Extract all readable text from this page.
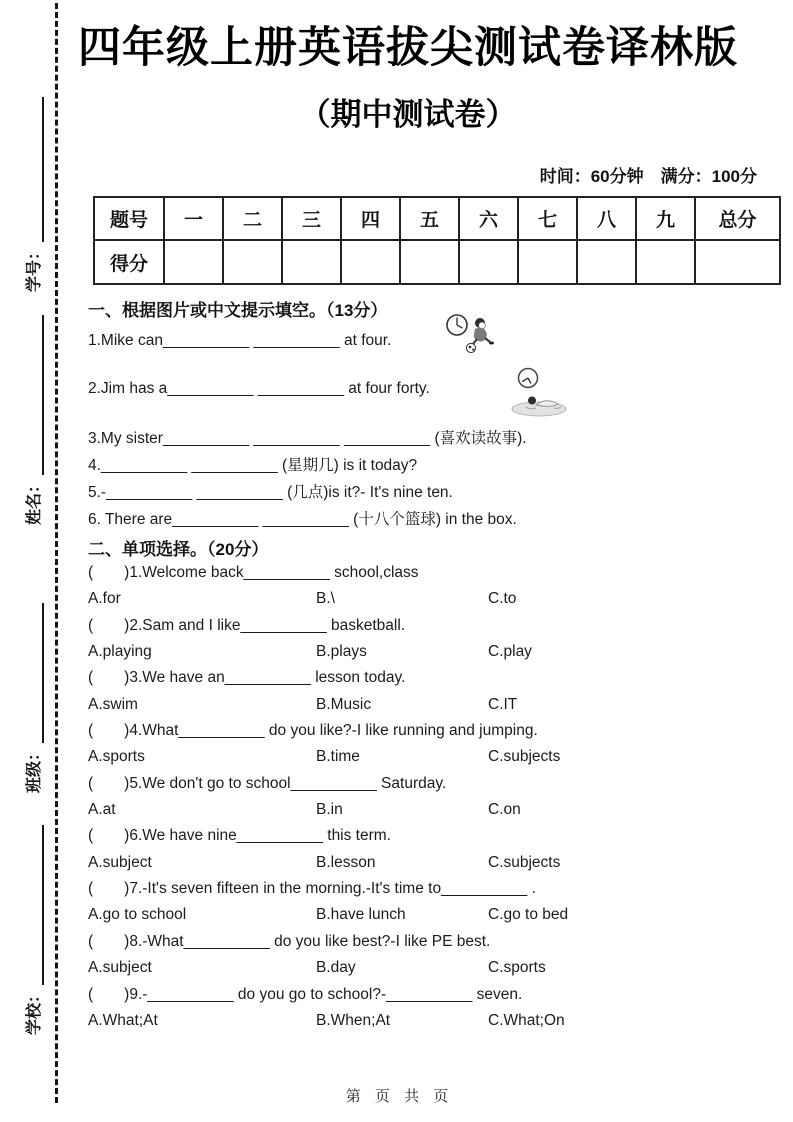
学号：
姓名：
班级：
学校：
四年级上册英语拔尖测试卷译林版
（期中测试卷）
时间：60分钟　满分：100分
题号	一	二	三	四	五	六	七	八	九	总分
得分										
一、根据图片或中文提示填空。（13分）
1.Mike can__________ __________ at four.
2.Jim has a__________ __________ at four forty.
3.My sister__________ __________ __________ (喜欢读故事).
4.__________ __________ (星期几) is it today?
5.-__________ __________ (几点)is it?- It's nine ten.
6. There are__________ __________ (十八个篮球) in the box.
二、单项选择。（20分）
(　　)1.Welcome back__________ school,class
A.for	B.\	C.to
(　　)2.Sam and I like__________ basketball.
A.playing	B.plays	C.play
(　　)3.We have an__________ lesson today.
A.swim	B.Music	C.IT
(　　)4.What__________ do you like?-I like running and jumping.
A.sports	B.time	C.subjects
(　　)5.We don't go to school__________ Saturday.
A.at	B.in	C.on
(　　)6.We have nine__________ this term.
A.subject	B.lesson	C.subjects
(　　)7.-It's seven fifteen in the morning.-It's time to__________ .
A.go to school	B.have lunch	C.go to bed
(　　)8.-What__________ do you like best?-I like PE best.
A.subject	B.day	C.sports
(　　)9.-__________ do you go to school?-__________ seven.
A.What;At	B.When;At	C.What;On
第 页 共 页
